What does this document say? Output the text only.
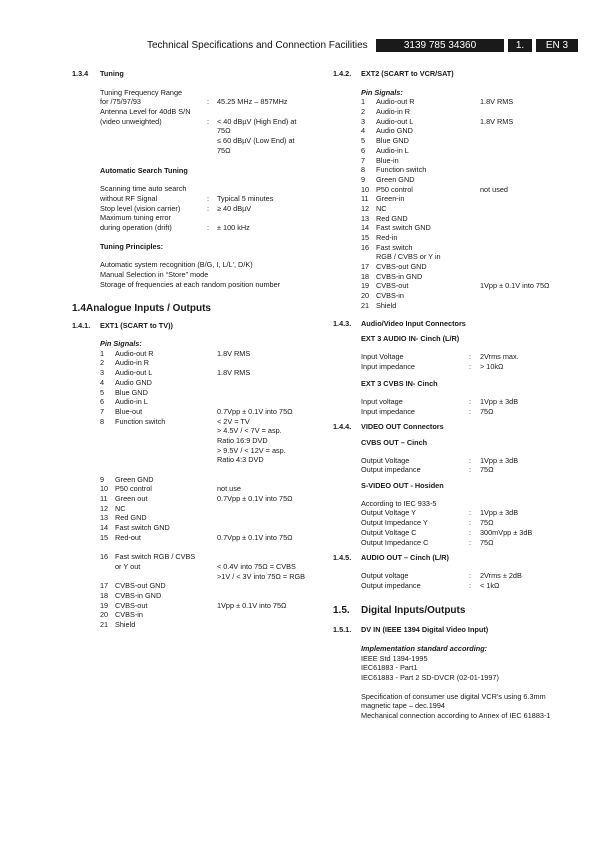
Technical Specifications and Connection Facilities	3139 785 34360	1.	EN 3
1.3.4 Tuning
Tuning Frequency Range
for /75/97/93	: 45.25 MHz – 857MHz
Antenna Level for 40dB S/N
(video unweighted)	: < 40 dBµV (High End) at
75Ω
≤ 60 dBµV (Low End) at
75Ω
Automatic Search Tuning
Scanning time auto search
without RF Signal	: Typical 5 minutes
Stop level (vision carrier)	: ≥ 40 dBµV
Maximum tuning error
during operation (drift)	: ± 100 kHz
Tuning Principles:
Automatic system recognition (B/G, I, L/L', D/K)
Manual Selection in “Store” mode
Storage of frequencies at each random position number
1.4 Analogue Inputs / Outputs
1.4.1. EXT1 (SCART to TV))
Pin Signals:
1 Audio-out R	1.8V RMS
2 Audio-in R
3 Audio-out L	1.8V RMS
4 Audio GND
5 Blue GND
6 Audio-in L
7 Blue-out	0.7Vpp ± 0.1V into 75Ω
8 Function switch	< 2V = TV
> 4.5V / < 7V = asp.
Ratio 16:9 DVD
> 9.5V / < 12V = asp.
Ratio 4:3 DVD
9 Green GND
10 P50 control	not use
11 Green out	0.7Vpp ± 0.1V into 75Ω
12 NC
13 Red GND
14 Fast switch GND
15 Red-out	0.7Vpp ± 0.1V into 75Ω
16 Fast switch RGB / CVBS
or Y out	< 0.4V into 75Ω = CVBS
>1V / < 3V into 75Ω = RGB
17 CVBS-out GND
18 CVBS-in GND
19 CVBS-out	1Vpp ± 0.1V into 75Ω
20 CVBS-in
21 Shield
1.4.2. EXT2 (SCART to VCR/SAT)
Pin Signals:
1 Audio-out R	1.8V RMS
2 Audio-in R
3 Audio-out L	1.8V RMS
4 Audio GND
5 Blue GND
6 Audio-in L
7 Blue-in
8 Function switch
9 Green GND
10 P50 control	not used
11 Green-in
12 NC
13 Red GND
14 Fast switch GND
15 Red-in
16 Fast switch
RGB / CVBS or Y in
17 CVBS-out GND
18 CVBS-in GND
19 CVBS-out	1Vpp ± 0.1V into 75Ω
20 CVBS-in
21 Shield
1.4.3. Audio/Video Input Connectors
EXT 3 AUDIO IN- Cinch (L/R)
Input Voltage	: 2Vrms max.
Input impedance	: > 10kΩ
EXT 3 CVBS IN- Cinch
Input voltage	: 1Vpp ± 3dB
Input impedance	: 75Ω
1.4.4. VIDEO OUT Connectors
CVBS OUT – Cinch
Output Voltage	: 1Vpp ± 3dB
Output impedance	: 75Ω
S-VIDEO OUT - Hosiden
According to IEC 933-5
Output Voltage Y	: 1Vpp ± 3dB
Output Impedance Y	: 75Ω
Output Voltage C	: 300mVpp ± 3dB
Output Impedance C	: 75Ω
1.4.5. AUDIO OUT – Cinch (L/R)
Output voltage	: 2Vrms ± 2dB
Output impedance	: < 1kΩ
1.5. Digital Inputs/Outputs
1.5.1. DV IN (IEEE 1394 Digital Video Input)
Implementation standard according:
IEEE Std 1394-1995
IEC61883 - Part1
IEC61883 - Part 2 SD-DVCR (02-01-1997)
Specification of consumer use digital VCR's using 6.3mm
magnetic tape – dec.1994
Mechanical connection according to Annex of IEC 61883-1
